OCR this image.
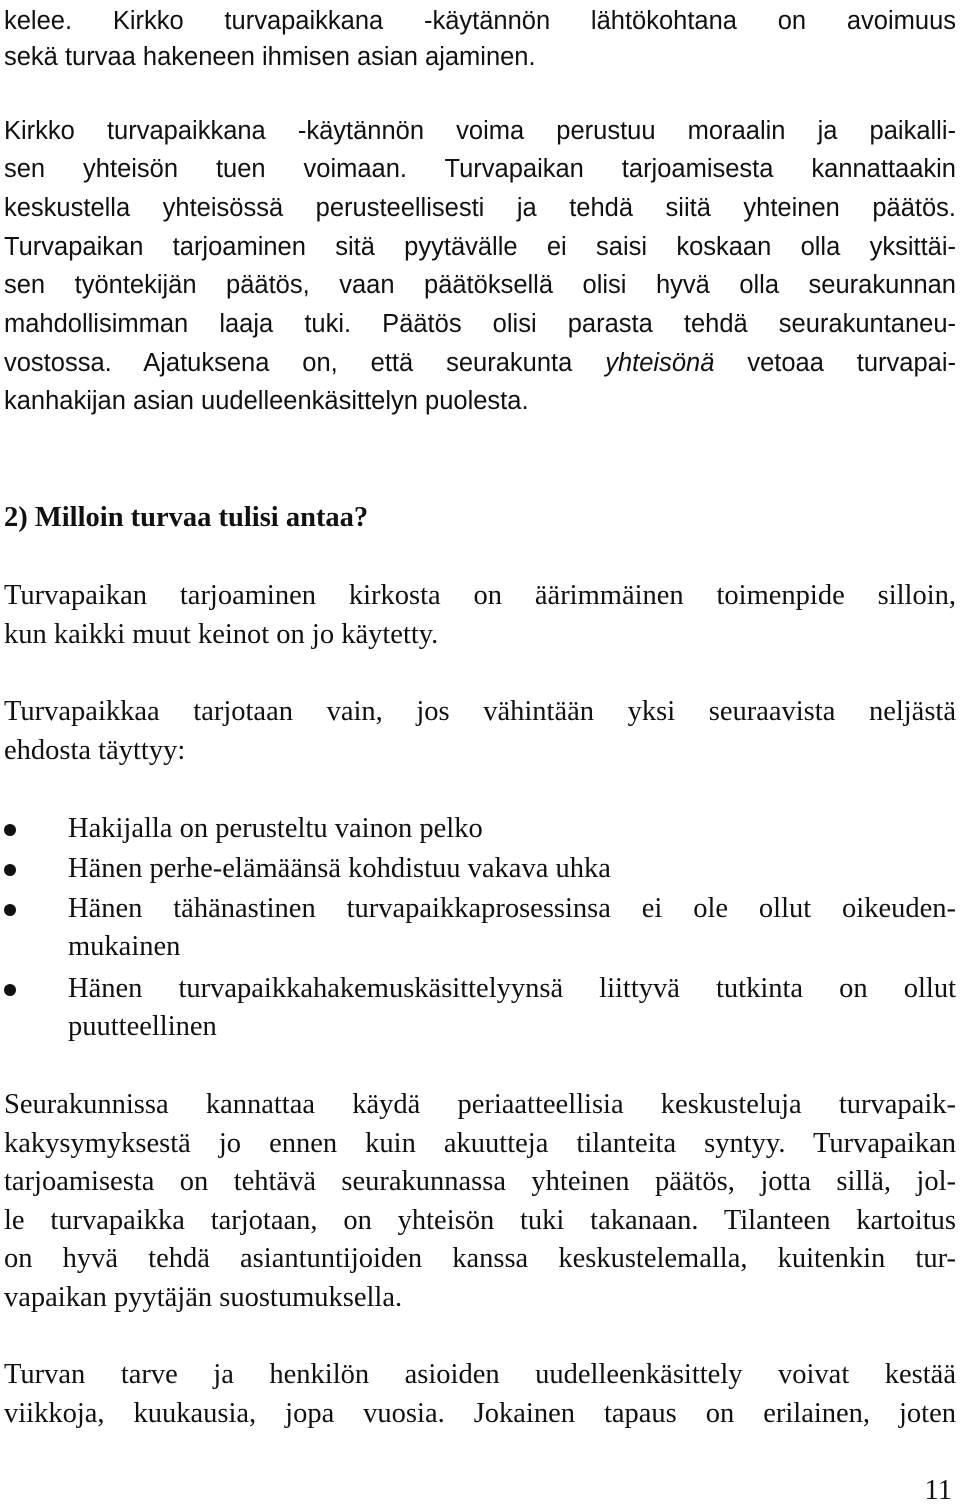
kelee. Kirkko turvapaikkana -käytännön lähtökohtana on avoimuus
sekä turvaa hakeneen ihmisen asian ajaminen.
Kirkko turvapaikkana -käytännön voima perustuu moraalin ja paikalli-
sen yhteisön tuen voimaan. Turvapaikan tarjoamisesta kannattaakin
keskustella yhteisössä perusteellisesti ja tehdä siitä yhteinen päätös.
Turvapaikan tarjoaminen sitä pyytävälle ei saisi koskaan olla yksittäi-
sen työntekijän päätös, vaan päätöksellä olisi hyvä olla seurakunnan
mahdollisimman laaja tuki. Päätös olisi parasta tehdä seurakuntaneu-
vostossa. Ajatuksena on, että seurakunta yhteisönä vetoaa turvapai-
kanhakijan asian uudelleenkäsittelyn puolesta.
2) Milloin turvaa tulisi antaa?
Turvapaikan tarjoaminen kirkosta on äärimmäinen toimenpide silloin,
kun kaikki muut keinot on jo käytetty.
Turvapaikkaa tarjotaan vain, jos vähintään yksi seuraavista neljästä
ehdosta täyttyy:
Hakijalla on perusteltu vainon pelko
Hänen perhe-elämäänsä kohdistuu vakava uhka
Hänen tähänastinen turvapaikkaprosessinsa ei ole ollut oikeuden-
mukainen
Hänen turvapaikkahakemuskäsittelyynsä liittyvä tutkinta on ollut
puutteellinen
Seurakunnissa kannattaa käydä periaatteellisia keskusteluja turvapaik-
kakysymyksestä jo ennen kuin akuutteja tilanteita syntyy. Turvapaikan
tarjoamisesta on tehtävä seurakunnassa yhteinen päätös, jotta sillä, jol-
le turvapaikka tarjotaan, on yhteisön tuki takanaan. Tilanteen kartoitus
on hyvä tehdä asiantuntijoiden kanssa keskustelemalla, kuitenkin tur-
vapaikan pyytäjän suostumuksella.
Turvan tarve ja henkilön asioiden uudelleenkäsittely voivat kestää
viikkoja, kuukausia, jopa vuosia. Jokainen tapaus on erilainen, joten
11
